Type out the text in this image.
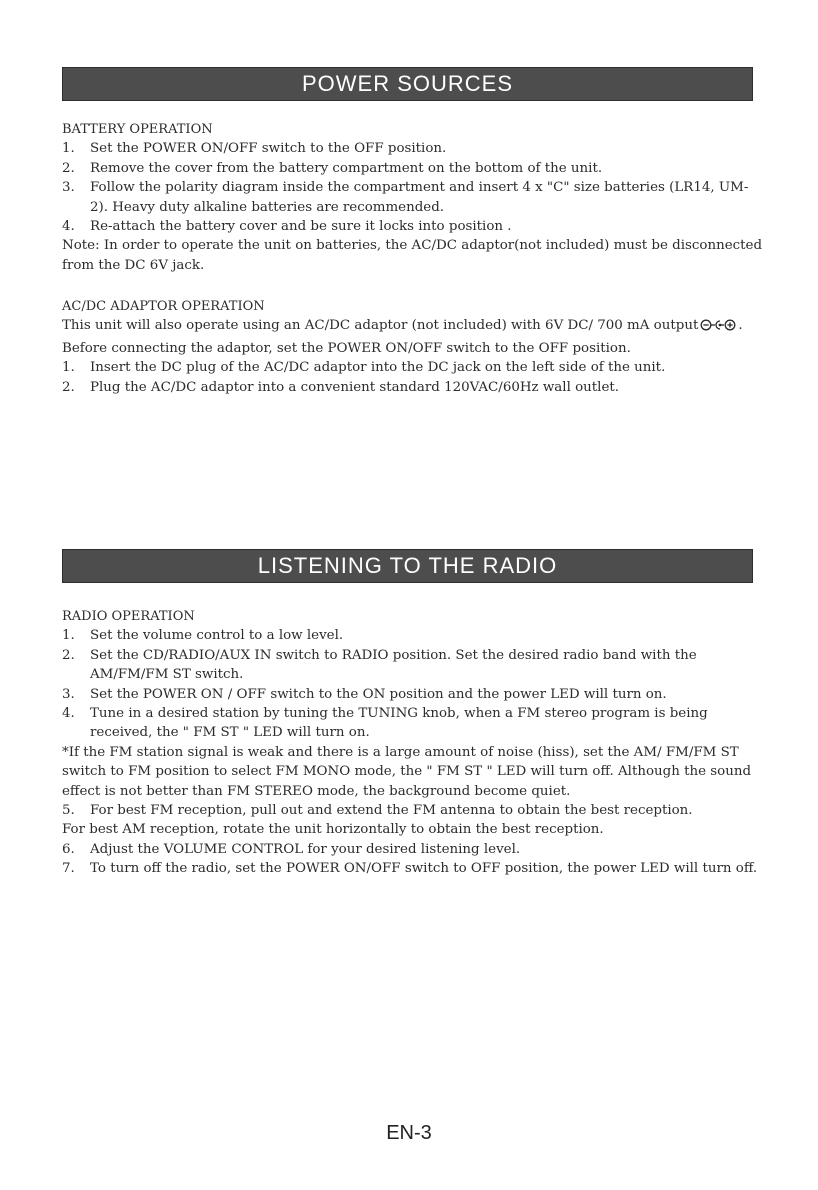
POWER SOURCES

BATTERY OPERATION

1.	Set the POWER ON/OFF switch to the OFF position.
2.	Remove the cover from the battery compartment on the bottom of the unit.
3.	Follow the polarity diagram inside the compartment and insert 4 x "C" size batteries (LR14, UM-2). Heavy duty alkaline batteries are recommended.
4.	Re-attach the battery cover and be sure it locks into position .

Note: In order to operate the unit on batteries, the AC/DC adaptor(not included) must be disconnected from the DC 6V jack.

AC/DC ADAPTOR OPERATION

This unit will also operate using an AC/DC adaptor (not included) with 6V DC/ 700 mA output	. Before connecting the adaptor, set the POWER ON/OFF switch to the OFF position.

1.	Insert the DC plug of the AC/DC adaptor into the DC jack on the left side of the unit.
2.	Plug the AC/DC adaptor into a convenient standard 120VAC/60Hz wall outlet.
LISTENING TO THE RADIO

RADIO OPERATION

1.	Set the volume control to a low level.
2.	Set the CD/RADIO/AUX IN switch to RADIO position. Set the desired radio band with the AM/FM/FM ST switch.
3.	Set the POWER ON / OFF switch to the ON position and the power LED will turn on.
4.	Tune in a desired station by tuning the TUNING knob, when a FM stereo program is being received, the " FM ST " LED will turn on.

*If the FM station signal is weak and there is a large amount of noise (hiss), set the AM/ FM/FM ST switch to FM position to select FM MONO mode, the " FM ST " LED will turn off. Although the sound effect is not better than FM STEREO mode, the background become quiet.

5.	For best FM reception, pull out and extend the FM antenna to obtain the best reception.

For best AM reception, rotate the unit horizontally to obtain the best reception.

6.	Adjust the VOLUME CONTROL for your desired listening level.
7.	To turn off the radio, set the POWER ON/OFF switch to OFF position, the power LED will turn off.
EN-3
